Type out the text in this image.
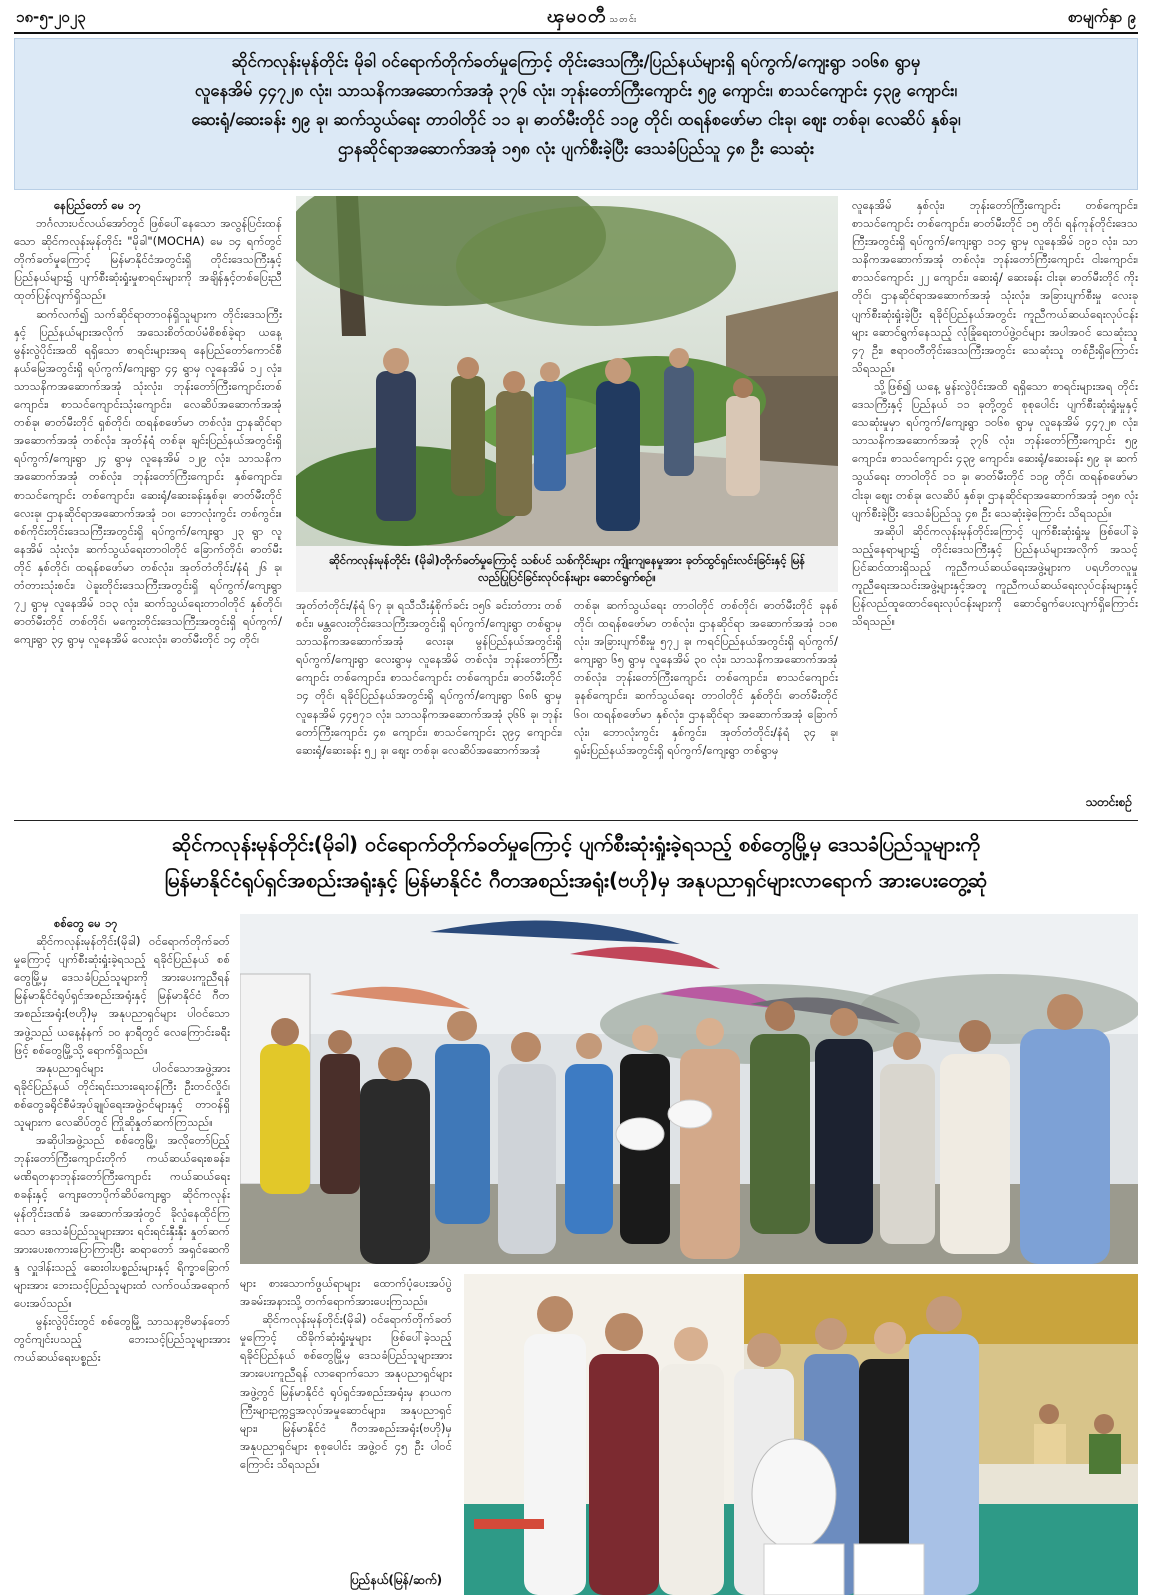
၁၈-၅-၂၀၂၃	ၾမဝတီ သတင်း	စာမျက်နှာ ၉

ဆိုင်ကလုန်းမုန်တိုင်း မိုခါ ဝင်ရောက်တိုက်ခတ်မှုကြောင့် တိုင်းဒေသကြီး/ပြည်နယ်များရှိ ရပ်ကွက်/ကျေးရွာ ၁၀၆၈ ရွာမှ

လူနေအိမ် ၄၄၇၂၈ လုံး၊ သာသနိကအဆောက်အအုံ ၃၇၆ လုံး၊ ဘုန်းတော်ကြီးကျောင်း ၅၉ ကျောင်း၊ စာသင်ကျောင်း ၄၃၉ ကျောင်း၊

ဆေးရုံ/ဆေးခန်း ၅၉ ခု၊ ဆက်သွယ်ရေး တာဝါတိုင် ၁၁ ခု၊ ဓာတ်မီးတိုင် ၁၁၉ တိုင်၊ ထရန်စဖော်မာ ငါးခု၊ ဈေး တစ်ခု၊ လေဆိပ် နှစ်ခု၊

ဌာနဆိုင်ရာအဆောက်အအုံ ၁၅၈ လုံး ပျက်စီးခဲ့ပြီး ဒေသခံပြည်သူ ၄၈ ဦး သေဆုံး

နေပြည်တော် မေ ၁၇

ဘင်္ဂလားပင်လယ်အော်တွင် ဖြစ်ပေါ်နေသော အလွန်ပြင်းထန်သော ဆိုင်ကလုန်းမုန်တိုင်း "မိုခါ"(MOCHA) မေ ၁၄ ရက်တွင် တိုက်ခတ်မှုကြောင့် မြန်မာနိုင်ငံအတွင်းရှိ တိုင်းဒေသကြီးနှင့် ပြည်နယ်များ၌ ပျက်စီးဆုံးရှုံးမှုစာရင်းများကို အချိန်နှင့်တစ်ပြေးညီ ထုတ်ပြန်လျက်ရှိသည်။

ဆက်လက်၍ သက်ဆိုင်ရာတာဝန်ရှိသူများက တိုင်းဒေသကြီးနှင့် ပြည်နယ်များအလိုက် အသေးစိတ်ထပ်မံစိစစ်ခဲ့ရာ ယနေ့ မွန်းလွဲပိုင်းအထိ ရရှိသော စာရင်းများအရ နေပြည်တော်ကောင်စီနယ်မြေအတွင်းရှိ ရပ်ကွက်/ကျေးရွာ ၄၄ ရွာမှ လူနေအိမ် ၁၂ လုံး၊ သာသနိကအဆောက်အအုံ သုံးလုံး၊ ဘုန်းတော်ကြီးကျောင်းတစ်ကျောင်း၊ စာသင်ကျောင်းသုံးကျောင်း၊ လေဆိပ်အဆောက်အအုံ တစ်ခု၊ ဓာတ်မီးတိုင် ရှစ်တိုင်၊ ထရန်စဖော်မာ တစ်လုံး၊ ဌာနဆိုင်ရာအဆောက်အအုံ တစ်လုံး၊ အုတ်နံရံ တစ်ခု၊ ချင်းပြည်နယ်အတွင်းရှိ ရပ်ကွက်/ကျေးရွာ ၂၄ ရွာမှ လူနေအိမ် ၁၂၉ လုံး၊ သာသနိကအဆောက်အအုံ တစ်လုံး၊ ဘုန်းတော်ကြီးကျောင်း နှစ်ကျောင်း၊ စာသင်ကျောင်း တစ်ကျောင်း၊ ဆေးရုံ/ဆေးခန်းနှစ်ခု၊ ဓာတ်မီးတိုင် လေးခု၊ ဌာနဆိုင်ရာအဆောက်အအုံ ၁၀၊ ဘောလုံးကွင်း တစ်ကွင်း။ စစ်ကိုင်းတိုင်းဒေသကြီးအတွင်းရှိ ရပ်ကွက်/ကျေးရွာ ၂၃ ရွာ လူနေအိမ် သုံးလုံး၊ ဆက်သွယ်ရေးတာဝါတိုင် ခြောက်တိုင်၊ ဓာတ်မီးတိုင် နှစ်တိုင်၊ ထရန်စဖော်မာ တစ်လုံး၊ အုတ်တံတိုင်း/နံရံ ၂၆ ခု၊ တံတားသုံးစင်း၊ ပဲခူးတိုင်းဒေသကြီးအတွင်းရှိ ရပ်ကွက်/ကျေးရွာ ၇၂ ရွာမှ လူနေအိမ် ၁၁၃ လုံး၊ ဆက်သွယ်ရေးတာဝါတိုင် နှစ်တိုင်၊ ဓာတ်မီးတိုင် တစ်တိုင်၊ မကွေးတိုင်းဒေသကြီးအတွင်းရှိ ရပ်ကွက်/ ကျေးရွာ ၃၄ ရွာမှ လူနေအိမ် လေးလုံး၊ ဓာတ်မီးတိုင် ၁၄ တိုင်၊

ဆိုင်ကလုန်းမုန်တိုင်း (မိုခါ)တိုက်ခတ်မှုကြောင့် သစ်ပင် သစ်ကိုင်းများ ကျိုးကျနေမှုအား ခုတ်ထွင်ရှင်းလင်းခြင်းနှင့် မြန်လည်ပြုပြင်ခြင်းလုပ်ငန်းများ ဆောင်ရွက်စဉ်။

အုတ်တံတိုင်း/နံရံ ၆၇ ခု၊ ရသီသီးနှံစိုက်ခင်း ၁၅၆ ခင်းတံတား တစ်စင်း၊ မန္တလေးတိုင်းဒေသကြီးအတွင်းရှိ ရပ်ကွက်/ကျေးရွာ တစ်ရွာမှ သာသနိကအဆောက်အအုံ လေးခု၊ မွန်ပြည်နယ်အတွင်းရှိ ရပ်ကွက်/ကျေးရွာ လေးရွာမှ လူနေအိမ် တစ်လုံး၊ ဘုန်းတော်ကြီးကျောင်း တစ်ကျောင်း၊ စာသင်ကျောင်း တစ်ကျောင်း၊ ဓာတ်မီးတိုင် ၁၄ တိုင်၊ ရခိုင်ပြည်နယ်အတွင်းရှိ ရပ်ကွက်/ကျေးရွာ ၆၈၆ ရွာမှ လူနေအိမ် ၄၄၅၇၁ လုံး၊ သာသနိကအဆောက်အအုံ ၃၆၆ ခု၊ ဘုန်းတော်ကြီးကျောင်း ၄၈ ကျောင်း၊ စာသင်ကျောင်း ၃၉၄ ကျောင်း၊ ဆေးရုံ/ဆေးခန်း ၅၂ ခု၊ ဈေး တစ်ခု၊ လေဆိပ်အဆောက်အအုံ

တစ်ခု၊ ဆက်သွယ်ရေး တာဝါတိုင် တစ်တိုင်၊ ဓာတ်မီးတိုင် ခုနစ်တိုင်၊ ထရန်စဖော်မာ တစ်လုံး၊ ဌာနဆိုင်ရာ အဆောက်အအုံ ၁၁၈ လုံး၊ အခြားပျက်စီးမှု ၅၇၂ ခု၊ ကရင်ပြည်နယ်အတွင်းရှိ ရပ်ကွက်/ကျေးရွာ ၆၅ ရွာမှ လူနေအိမ် ၃၀ လုံး၊ သာသနိကအဆောက်အအုံ တစ်လုံး၊ ဘုန်းတော်ကြီးကျောင်း တစ်ကျောင်း၊ စာသင်ကျောင်း ခုနစ်ကျောင်း၊ ဆက်သွယ်ရေး တာဝါတိုင် နှစ်တိုင်၊ ဓာတ်မီးတိုင် ၆၀၊ ထရန်စဖော်မာ နှစ်လုံး၊ ဌာနဆိုင်ရာ အဆောက်အအုံ ခြောက်လုံး၊ ဘောလုံးကွင်း နှစ်ကွင်း၊ အုတ်တံတိုင်း/နံရံ ၃၄ ခု၊ ရှမ်းပြည်နယ်အတွင်းရှိ ရပ်ကွက်/ကျေးရွာ တစ်ရွာမှ

လူနေအိမ် နှစ်လုံး၊ ဘုန်းတော်ကြီးကျောင်း တစ်ကျောင်း၊ စာသင်ကျောင်း တစ်ကျောင်း၊ ဓာတ်မီးတိုင် ၁၅ တိုင်၊ ရန်ကုန်တိုင်းဒေသကြီးအတွင်းရှိ ရပ်ကွက်/ကျေးရွာ ၁၁၄ ရွာမှ လူနေအိမ် ၁၉၁ လုံး၊ သာသနိကအဆောက်အအုံ တစ်လုံး၊ ဘုန်းတော်ကြီးကျောင်း ငါးကျောင်း၊ စာသင်ကျောင်း ၂၂ ကျောင်း၊ ဆေးရုံ/ ဆေးခန်း ငါးခု၊ ဓာတ်မီးတိုင် ကိုးတိုင်၊ ဌာနဆိုင်ရာအဆောက်အအုံ သုံးလုံး၊ အခြားပျက်စီးမှု လေးခု ပျက်စီးဆုံးရှုံးခဲ့ပြီး ရခိုင်ပြည်နယ်အတွင်း ကူညီကယ်ဆယ်ရေးလုပ်ငန်းများ ဆောင်ရွက်နေသည့် လုံခြုံရေးတပ်ဖွဲ့ဝင်များ အပါအဝင် သေဆုံးသူ ၄၇ ဦး၊ ဧရာဝတီတိုင်းဒေသကြီးအတွင်း သေဆုံးသူ တစ်ဦးရှိကြောင်း သိရသည်။

သို့ဖြစ်၍ ယနေ့ မွန်းလွဲပိုင်းအထိ ရရှိသော စာရင်းများအရ တိုင်းဒေသကြီးနှင့် ပြည်နယ် ၁၁ ခုတို့တွင် စုစုပေါင်း ပျက်စီးဆုံးရှုံးမှုနှင့် သေဆုံးမှုမှာ ရပ်ကွက်/ကျေးရွာ ၁၀၆၈ ရွာမှ လူနေအိမ် ၄၄၇၂၈ လုံး၊ သာသနိကအဆောက်အအုံ ၃၇၆ လုံး၊ ဘုန်းတော်ကြီးကျောင်း ၅၉ ကျောင်း၊ စာသင်ကျောင်း ၄၃၉ ကျောင်း၊ ဆေးရုံ/ဆေးခန်း ၅၉ ခု၊ ဆက်သွယ်ရေး တာဝါတိုင် ၁၁ ခု၊ ဓာတ်မီးတိုင် ၁၁၉ တိုင်၊ ထရန်စဖော်မာ ငါးခု၊ ဈေး တစ်ခု၊ လေဆိပ် နှစ်ခု၊ ဌာနဆိုင်ရာအဆောက်အအုံ ၁၅၈ လုံး ပျက်စီးခဲ့ပြီး ဒေသခံပြည်သူ ၄၈ ဦး သေဆုံးခဲ့ကြောင်း သိရသည်။

အဆိုပါ ဆိုင်ကလုန်းမုန်တိုင်းကြောင့် ပျက်စီးဆုံးရှုံးမှု ဖြစ်ပေါ်ခဲ့သည့်နေရာများ၌ တိုင်းဒေသကြီးနှင့် ပြည်နယ်များအလိုက် အသင့်ပြင်ဆင်ထားရှိသည့် ကူညီကယ်ဆယ်ရေးအဖွဲ့များက ပရဟိတလူမှုကူညီရေးအသင်းအဖွဲ့များနှင့်အတူ ကူညီကယ်ဆယ်ရေးလုပ်ငန်းများနှင့် ပြန်လည်ထူထောင်ရေးလုပ်ငန်းများကို ဆောင်ရွက်ပေးလျက်ရှိကြောင်း သိရသည်။

သတင်းစဉ်

ဆိုင်ကလုန်းမုန်တိုင်း(မိုခါ) ဝင်ရောက်တိုက်ခတ်မှုကြောင့် ပျက်စီးဆုံးရှုံးခဲ့ရသည့် စစ်တွေမြို့မှ ဒေသခံပြည်သူများကို

မြန်မာနိုင်ငံရုပ်ရှင်အစည်းအရုံးနှင့် မြန်မာနိုင်ငံ ဂီတအစည်းအရုံး(ဗဟို)မှ အနုပညာရှင်များလာရောက် အားပေးတွေ့ဆုံ

စစ်တွေ မေ ၁၇

ဆိုင်ကလုန်းမုန်တိုင်း(မိုခါ) ဝင်ရောက်တိုက်ခတ်မှုကြောင့် ပျက်စီးဆုံးရှုံးခဲ့ရသည့် ရခိုင်ပြည်နယ် စစ်တွေမြို့မှ ဒေသခံပြည်သူများကို အားပေးကူညီရန် မြန်မာနိုင်ငံရုပ်ရှင်အစည်းအရုံးနှင့် မြန်မာနိုင်ငံ ဂီတအစည်းအရုံး(ဗဟို)မှ အနုပညာရှင်များ ပါဝင်သောအဖွဲ့သည် ယနေ့နံနက် ၁၀ နာရီတွင် လေကြောင်းခရီးဖြင့် စစ်တွေမြို့သို့ ရောက်ရှိသည်။

အနုပညာရှင်များ ပါဝင်သောအဖွဲ့အား ရခိုင်ပြည်နယ် တိုင်းရင်းသားရေးဝန်ကြီး ဦးတင်လှိုင်၊ စစ်တွေခရိုင်စီမံအုပ်ချုပ်ရေးအဖွဲ့ဝင်များနှင့် တာဝန်ရှိသူများက လေဆိပ်တွင် ကြိုဆိုနှုတ်ဆက်ကြသည်။

အဆိုပါအဖွဲ့သည် စစ်တွေမြို့၊ အလိုတော်ပြည့် ဘုန်းတော်ကြီးကျောင်းတိုက် ကယ်ဆယ်ရေးစခန်း၊ မဏိရတနာဘုန်းတော်ကြီးကျောင်း ကယ်ဆယ်ရေးစခန်းနှင့် ကျေးတောပိုက်ဆိပ်ကျေးရွာ ဆိုင်ကလုန်းမုန်တိုင်းဒဏ်ခံ အဆောက်အအုံတွင် ခိုလှုံနေထိုင်ကြသော ဒေသခံပြည်သူများအား ရင်းရင်းနှီးနှီး နှုတ်ဆက်အားပေးစကားပြောကြားပြီး ဆရာတော် အရှင်ဆေကိန္ဒ လှူဒါန်းသည့် ဆေးဝါးပစ္စည်းများနှင့် ရိက္ခာခြောက်များအား ဘေးသင့်ပြည်သူများထံ လက်ဝယ်အရောက်ပေးအပ်သည်။

မွန်းလွဲပိုင်းတွင် စစ်တွေမြို့ သာသနာ့ဗိမာန်တော်တွင်ကျင်းပသည့် ဘေးသင့်ပြည်သူများအား ကယ်ဆယ်ရေးပစ္စည်း

များ စားသောက်ဖွယ်ရာများ ထောက်ပံ့ပေးအပ်ပွဲ အခမ်းအနားသို့ တက်ရောက်အားပေးကြသည်။

ဆိုင်ကလုန်းမုန်တိုင်း(မိုခါ) ဝင်ရောက်တိုက်ခတ်မှုကြောင့် ထိခိုက်ဆုံးရှုံးမှုများ ဖြစ်ပေါ်ခဲ့သည့် ရခိုင်ပြည်နယ် စစ်တွေမြို့မှ ဒေသခံပြည်သူများအား အားပေးကူညီရန် လာရောက်သော အနုပညာရှင်များအဖွဲ့တွင် မြန်မာနိုင်ငံ ရုပ်ရှင်အစည်းအရုံးမှ နာယကကြီးများဥက္ကဋ္ဌအလုပ်အမှုဆောင်များ၊ အနုပညာရှင်များ၊ မြန်မာနိုင်ငံ ဂီတအစည်းအရုံး(ဗဟို)မှ အနုပညာရှင်များ စုစုပေါင်း အဖွဲ့ဝင် ၄၅ ဦး ပါဝင်ကြောင်း သိရသည်။

ပြည်နယ်(မြန်/ဆက်)
